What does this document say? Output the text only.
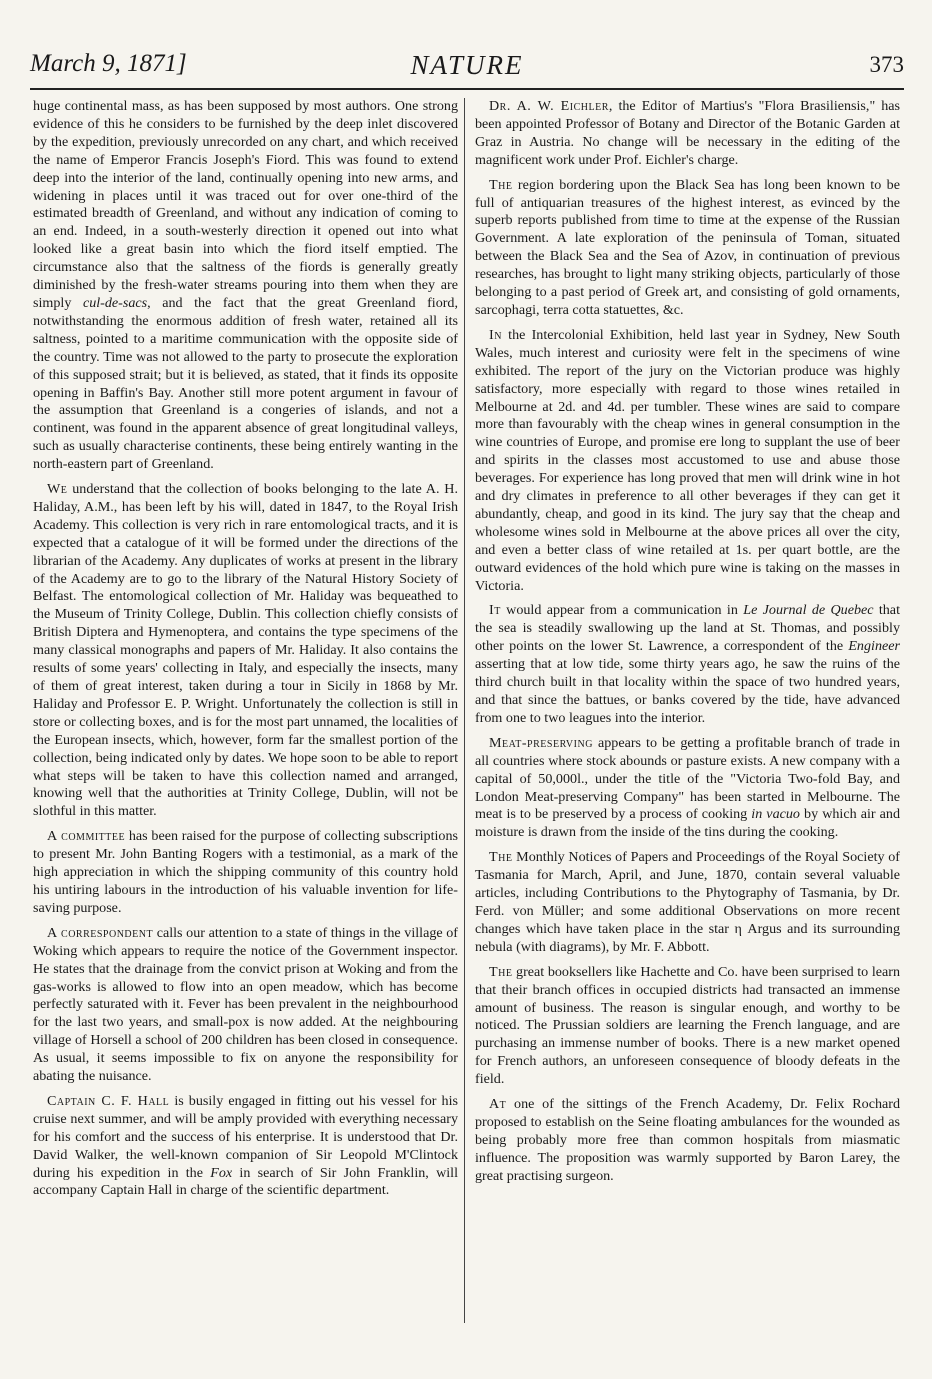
March 9, 1871]	NATURE	373

huge continental mass, as has been supposed by most authors. One strong evidence of this he considers to be furnished by the deep inlet discovered by the expedition, previously unrecorded on any chart, and which received the name of Emperor Francis Joseph's Fiord. This was found to extend deep into the interior of the land, continually opening into new arms, and widening in places until it was traced out for over one-third of the estimated breadth of Greenland, and without any indication of coming to an end. Indeed, in a south-westerly direction it opened out into what looked like a great basin into which the fiord itself emptied. The circumstance also that the saltness of the fiords is generally greatly diminished by the fresh-water streams pouring into them when they are simply cul-de-sacs, and the fact that the great Greenland fiord, notwithstanding the enormous addition of fresh water, retained all its saltness, pointed to a maritime communication with the opposite side of the country. Time was not allowed to the party to prosecute the exploration of this supposed strait; but it is believed, as stated, that it finds its opposite opening in Baffin's Bay. Another still more potent argument in favour of the assumption that Greenland is a congeries of islands, and not a continent, was found in the apparent absence of great longitudinal valleys, such as usually characterise continents, these being entirely wanting in the north-eastern part of Greenland.

We understand that the collection of books belonging to the late A. H. Haliday, A.M., has been left by his will, dated in 1847, to the Royal Irish Academy. This collection is very rich in rare entomological tracts, and it is expected that a catalogue of it will be formed under the directions of the librarian of the Academy. Any duplicates of works at present in the library of the Academy are to go to the library of the Natural History Society of Belfast. The entomological collection of Mr. Haliday was bequeathed to the Museum of Trinity College, Dublin. This collection chiefly consists of British Diptera and Hymenoptera, and contains the type specimens of the many classical monographs and papers of Mr. Haliday. It also contains the results of some years' collecting in Italy, and especially the insects, many of them of great interest, taken during a tour in Sicily in 1868 by Mr. Haliday and Professor E. P. Wright. Unfortunately the collection is still in store or collecting boxes, and is for the most part unnamed, the localities of the European insects, which, however, form far the smallest portion of the collection, being indicated only by dates. We hope soon to be able to report what steps will be taken to have this collection named and arranged, knowing well that the authorities at Trinity College, Dublin, will not be slothful in this matter.

A committee has been raised for the purpose of collecting subscriptions to present Mr. John Banting Rogers with a testimonial, as a mark of the high appreciation in which the shipping community of this country hold his untiring labours in the introduction of his valuable invention for life-saving purpose.

A correspondent calls our attention to a state of things in the village of Woking which appears to require the notice of the Government inspector. He states that the drainage from the convict prison at Woking and from the gas-works is allowed to flow into an open meadow, which has become perfectly saturated with it. Fever has been prevalent in the neighbourhood for the last two years, and small-pox is now added. At the neighbouring village of Horsell a school of 200 children has been closed in consequence. As usual, it seems impossible to fix on anyone the responsibility for abating the nuisance.

Captain C. F. Hall is busily engaged in fitting out his vessel for his cruise next summer, and will be amply provided with everything necessary for his comfort and the success of his enterprise. It is understood that Dr. David Walker, the well-known companion of Sir Leopold M'Clintock during his expedition in the Fox in search of Sir John Franklin, will accompany Captain Hall in charge of the scientific department.

Dr. A. W. Eichler, the Editor of Martius's "Flora Brasiliensis," has been appointed Professor of Botany and Director of the Botanic Garden at Graz in Austria. No change will be necessary in the editing of the magnificent work under Prof. Eichler's charge.

The region bordering upon the Black Sea has long been known to be full of antiquarian treasures of the highest interest, as evinced by the superb reports published from time to time at the expense of the Russian Government. A late exploration of the peninsula of Toman, situated between the Black Sea and the Sea of Azov, in continuation of previous researches, has brought to light many striking objects, particularly of those belonging to a past period of Greek art, and consisting of gold ornaments, sarcophagi, terra cotta statuettes, &c.

In the Intercolonial Exhibition, held last year in Sydney, New South Wales, much interest and curiosity were felt in the specimens of wine exhibited. The report of the jury on the Victorian produce was highly satisfactory, more especially with regard to those wines retailed in Melbourne at 2d. and 4d. per tumbler. These wines are said to compare more than favourably with the cheap wines in general consumption in the wine countries of Europe, and promise ere long to supplant the use of beer and spirits in the classes most accustomed to use and abuse those beverages. For experience has long proved that men will drink wine in hot and dry climates in preference to all other beverages if they can get it abundantly, cheap, and good in its kind. The jury say that the cheap and wholesome wines sold in Melbourne at the above prices all over the city, and even a better class of wine retailed at 1s. per quart bottle, are the outward evidences of the hold which pure wine is taking on the masses in Victoria.

It would appear from a communication in Le Journal de Quebec that the sea is steadily swallowing up the land at St. Thomas, and possibly other points on the lower St. Lawrence, a correspondent of the Engineer asserting that at low tide, some thirty years ago, he saw the ruins of the third church built in that locality within the space of two hundred years, and that since the battues, or banks covered by the tide, have advanced from one to two leagues into the interior.

Meat-preserving appears to be getting a profitable branch of trade in all countries where stock abounds or pasture exists. A new company with a capital of 50,000l., under the title of the "Victoria Two-fold Bay, and London Meat-preserving Company" has been started in Melbourne. The meat is to be preserved by a process of cooking in vacuo by which air and moisture is drawn from the inside of the tins during the cooking.

The Monthly Notices of Papers and Proceedings of the Royal Society of Tasmania for March, April, and June, 1870, contain several valuable articles, including Contributions to the Phytography of Tasmania, by Dr. Ferd. von Müller; and some additional Observations on more recent changes which have taken place in the star η Argus and its surrounding nebula (with diagrams), by Mr. F. Abbott.

The great booksellers like Hachette and Co. have been surprised to learn that their branch offices in occupied districts had transacted an immense amount of business. The reason is singular enough, and worthy to be noticed. The Prussian soldiers are learning the French language, and are purchasing an immense number of books. There is a new market opened for French authors, an unforeseen consequence of bloody defeats in the field.

At one of the sittings of the French Academy, Dr. Felix Rochard proposed to establish on the Seine floating ambulances for the wounded as being probably more free than common hospitals from miasmatic influence. The proposition was warmly supported by Baron Larey, the great practising surgeon.
